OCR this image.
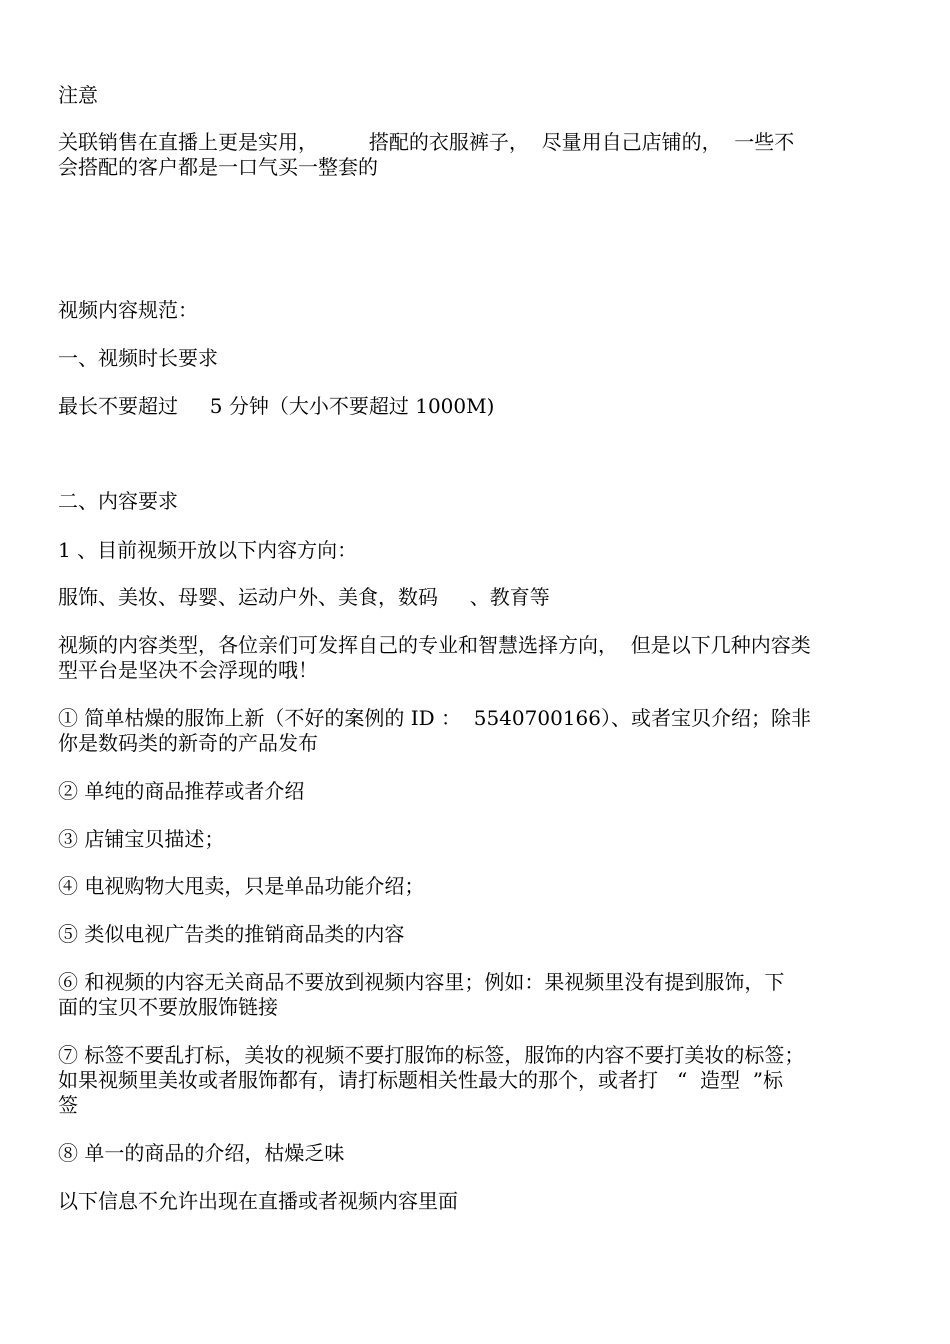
注意
关联销售在直播上更是实用，        搭配的衣服裤子，  尽量用自己店铺的，  一些不
会搭配的客户都是一口气买一整套的
视频内容规范：
一、视频时长要求
最长不要超过     5 分钟（大小不要超过 1000M)
二、内容要求
1 、目前视频开放以下内容方向：
服饰、美妆、母婴、运动户外、美食，数码     、教育等
视频的内容类型，各位亲们可发挥自己的专业和智慧选择方向，  但是以下几种内容类
型平台是坚决不会浮现的哦！
① 简单枯燥的服饰上新（不好的案例的 ID ：  5540700166）、或者宝贝介绍；除非
你是数码类的新奇的产品发布
② 单纯的商品推荐或者介绍
③ 店铺宝贝描述；
④ 电视购物大甩卖，只是单品功能介绍；
⑤ 类似电视广告类的推销商品类的内容
⑥ 和视频的内容无关商品不要放到视频内容里；例如：果视频里没有提到服饰，下
面的宝贝不要放服饰链接
⑦ 标签不要乱打标，美妆的视频不要打服饰的标签，服饰的内容不要打美妆的标签；
如果视频里美妆或者服饰都有，请打标题相关性最大的那个，或者打   “  造型  ”标
签
⑧ 单一的商品的介绍，枯燥乏味
以下信息不允许出现在直播或者视频内容里面
